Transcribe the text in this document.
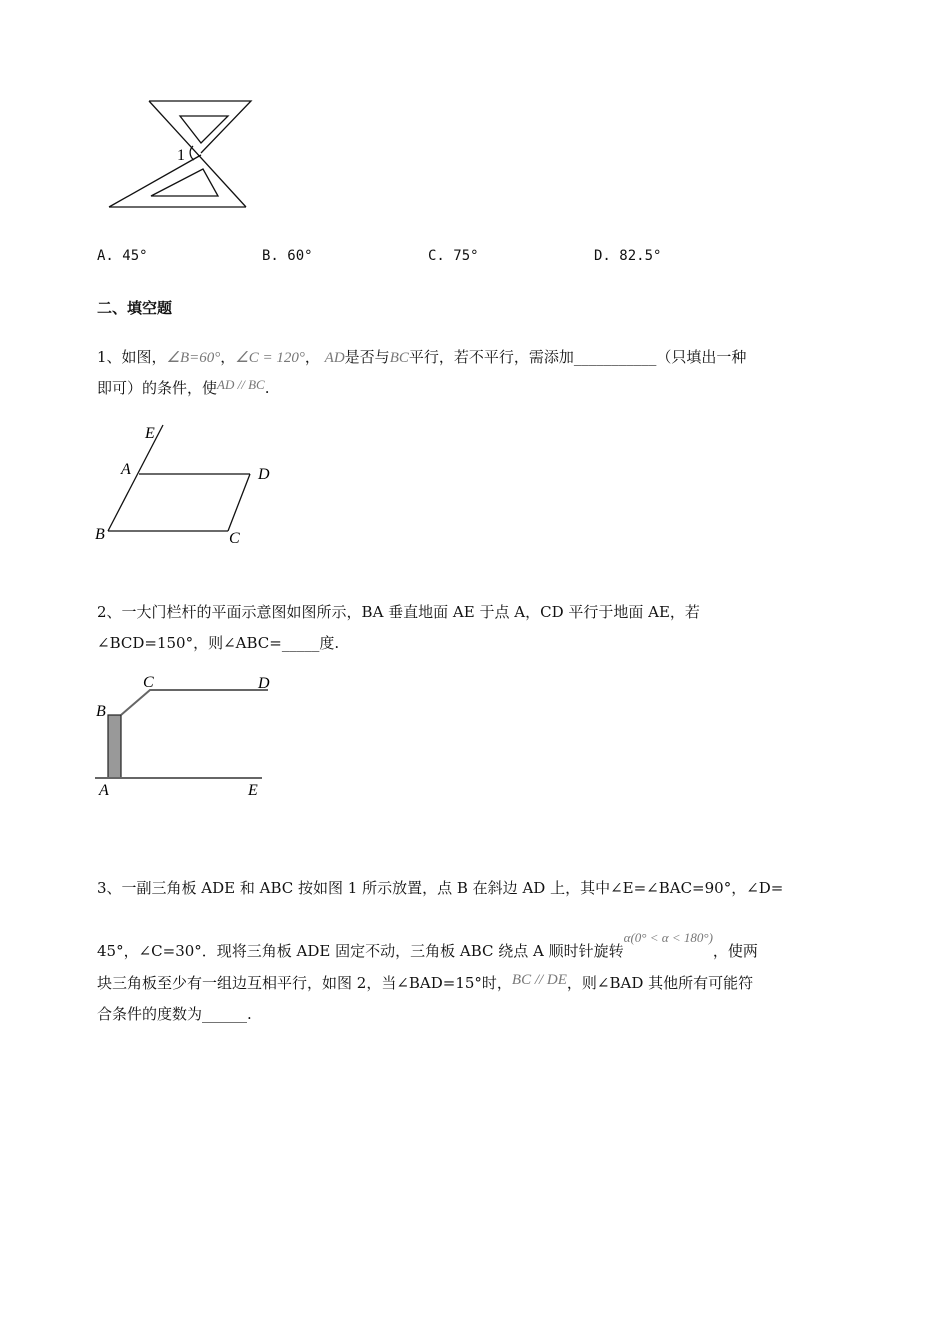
1
E
A	D
B	C
B
C	D
A	E
A. 45°	B. 60°	C. 75°	D. 82.5°
二、填空题
1、如图，∠B=60°，∠C = 120°， AD是否与BC平行，若不平行，需添加___________（只填出一种
即可）的条件，使AD // BC.
2、一大门栏杆的平面示意图如图所示，BA 垂直地面 AE 于点 A，CD 平行于地面 AE，若
∠BCD=150°，则∠ABC=_____度.
3、一副三角板 ADE 和 ABC 按如图 1 所示放置，点 B 在斜边 AD 上，其中∠E=∠BAC=90°，∠D=
45°，∠C=30°．现将三角板 ADE 固定不动，三角板 ABC 绕点 A 顺时针旋转α(0° < α < 180°)，使两
块三角板至少有一组边互相平行，如图 2，当∠BAD=15°时，BC // DE，则∠BAD 其他所有可能符
合条件的度数为______.
